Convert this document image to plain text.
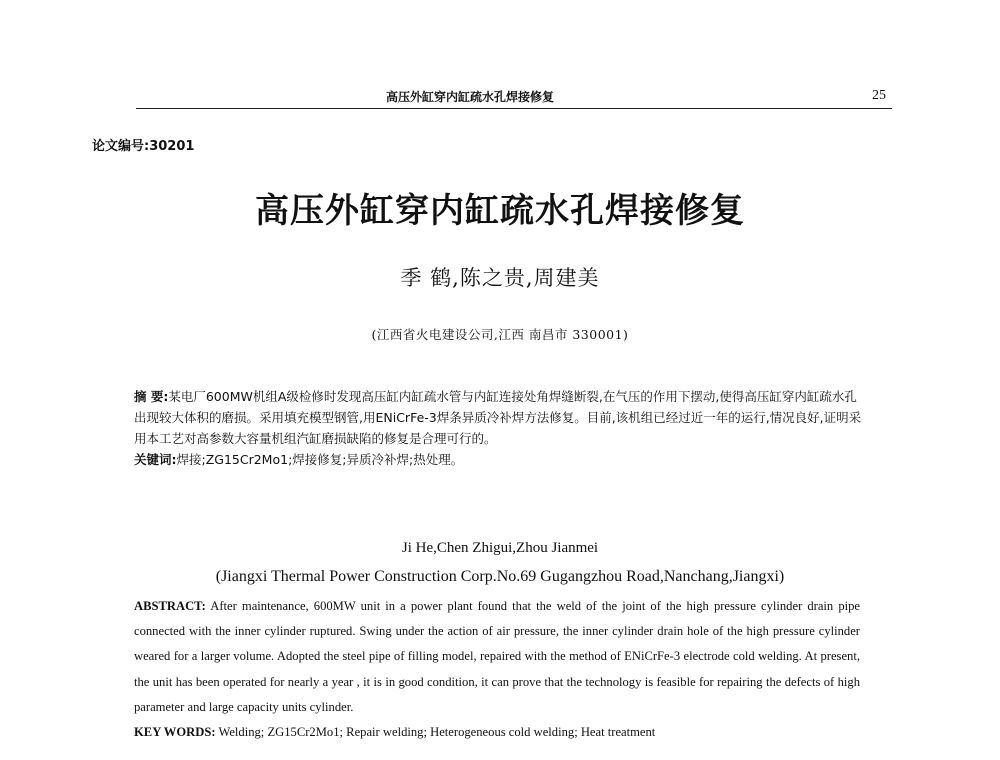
高压外缸穿内缸疏水孔焊接修复	25
论文编号:30201
高压外缸穿内缸疏水孔焊接修复
季 鹤,陈之贵,周建美
(江西省火电建设公司,江西 南昌市 330001)

摘 要:某电厂600MW机组A级检修时发现高压缸内缸疏水管与内缸连接处角焊缝断裂,在气压的作用下摆动,使得高压缸穿内缸疏水孔出现较大体积的磨损。采用填充模型钢管,用ENiCrFe-3焊条异质冷补焊方法修复。目前,该机组已经过近一年的运行,情况良好,证明采用本工艺对高参数大容量机组汽缸磨损缺陷的修复是合理可行的。

关键词:焊接;ZG15Cr2Mo1;焊接修复;异质冷补焊;热处理。

Ji He,Chen Zhigui,Zhou Jianmei
(Jiangxi Thermal Power Construction Corp.No.69 Gugangzhou Road,Nanchang,Jiangxi)

ABSTRACT: After maintenance, 600MW unit in a power plant found that the weld of the joint of the high pressure cylinder drain pipe connected with the inner cylinder ruptured. Swing under the action of air pressure, the inner cylinder drain hole of the high pressure cylinder weared for a larger volume. Adopted the steel pipe of filling model, repaired with the method of ENiCrFe-3 electrode cold welding. At present, the unit has been operated for nearly a year , it is in good condition, it can prove that the technology is feasible for repairing the defects of high parameter and large capacity units cylinder.

KEY WORDS: Welding; ZG15Cr2Mo1; Repair welding; Heterogeneous cold welding; Heat treatment
